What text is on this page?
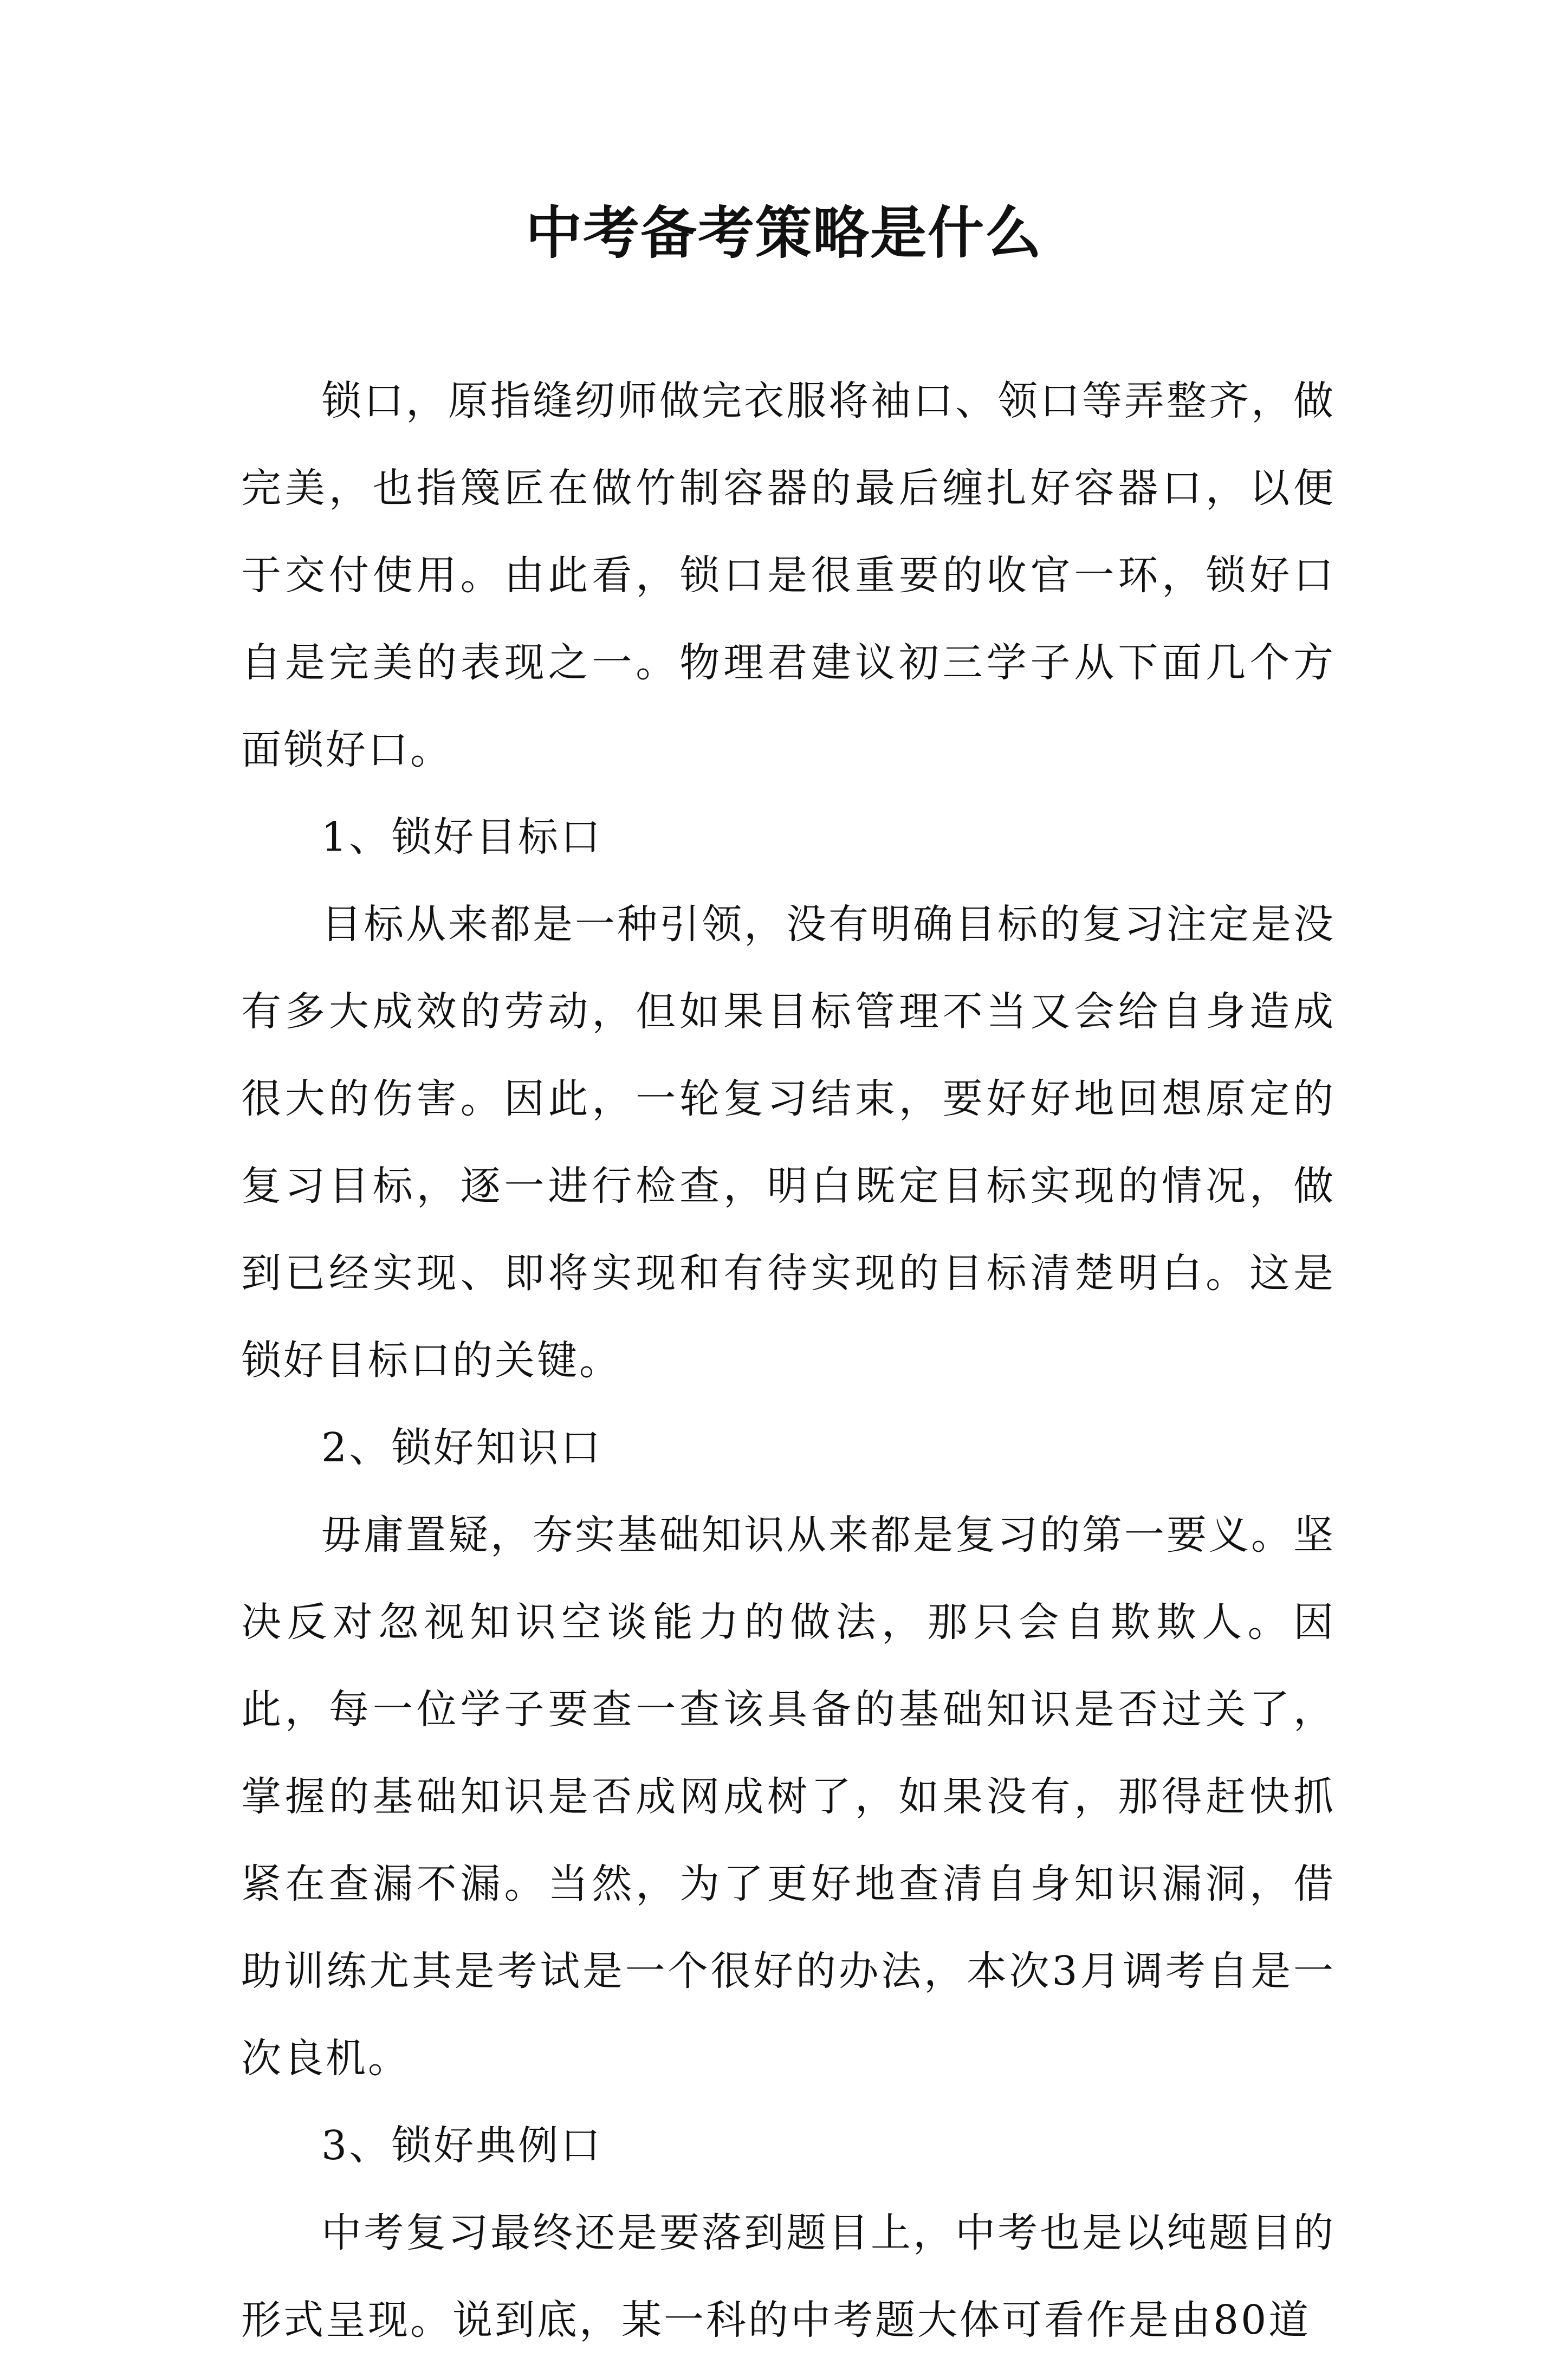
中考备考策略是什么

锁口，原指缝纫师做完衣服将袖口、领口等弄整齐，做完美，也指篾匠在做竹制容器的最后缠扎好容器口，以便于交付使用。由此看，锁口是很重要的收官一环，锁好口自是完美的表现之一。物理君建议初三学子从下面几个方面锁好口。

1、锁好目标口

目标从来都是一种引领，没有明确目标的复习注定是没有多大成效的劳动，但如果目标管理不当又会给自身造成很大的伤害。因此，一轮复习结束，要好好地回想原定的复习目标，逐一进行检查，明白既定目标实现的情况，做到已经实现、即将实现和有待实现的目标清楚明白。这是锁好目标口的关键。

2、锁好知识口

毋庸置疑，夯实基础知识从来都是复习的第一要义。坚决反对忽视知识空谈能力的做法，那只会自欺欺人。因此，每一位学子要查一查该具备的基础知识是否过关了，掌握的基础知识是否成网成树了，如果没有，那得赶快抓紧在查漏不漏。当然，为了更好地查清自身知识漏洞，借助训练尤其是考试是一个很好的办法，本次3月调考自是一次良机。

3、锁好典例口

中考复习最终还是要落到题目上，中考也是以纯题目的形式呈现。说到底，某一科的中考题大体可看作是由80道
